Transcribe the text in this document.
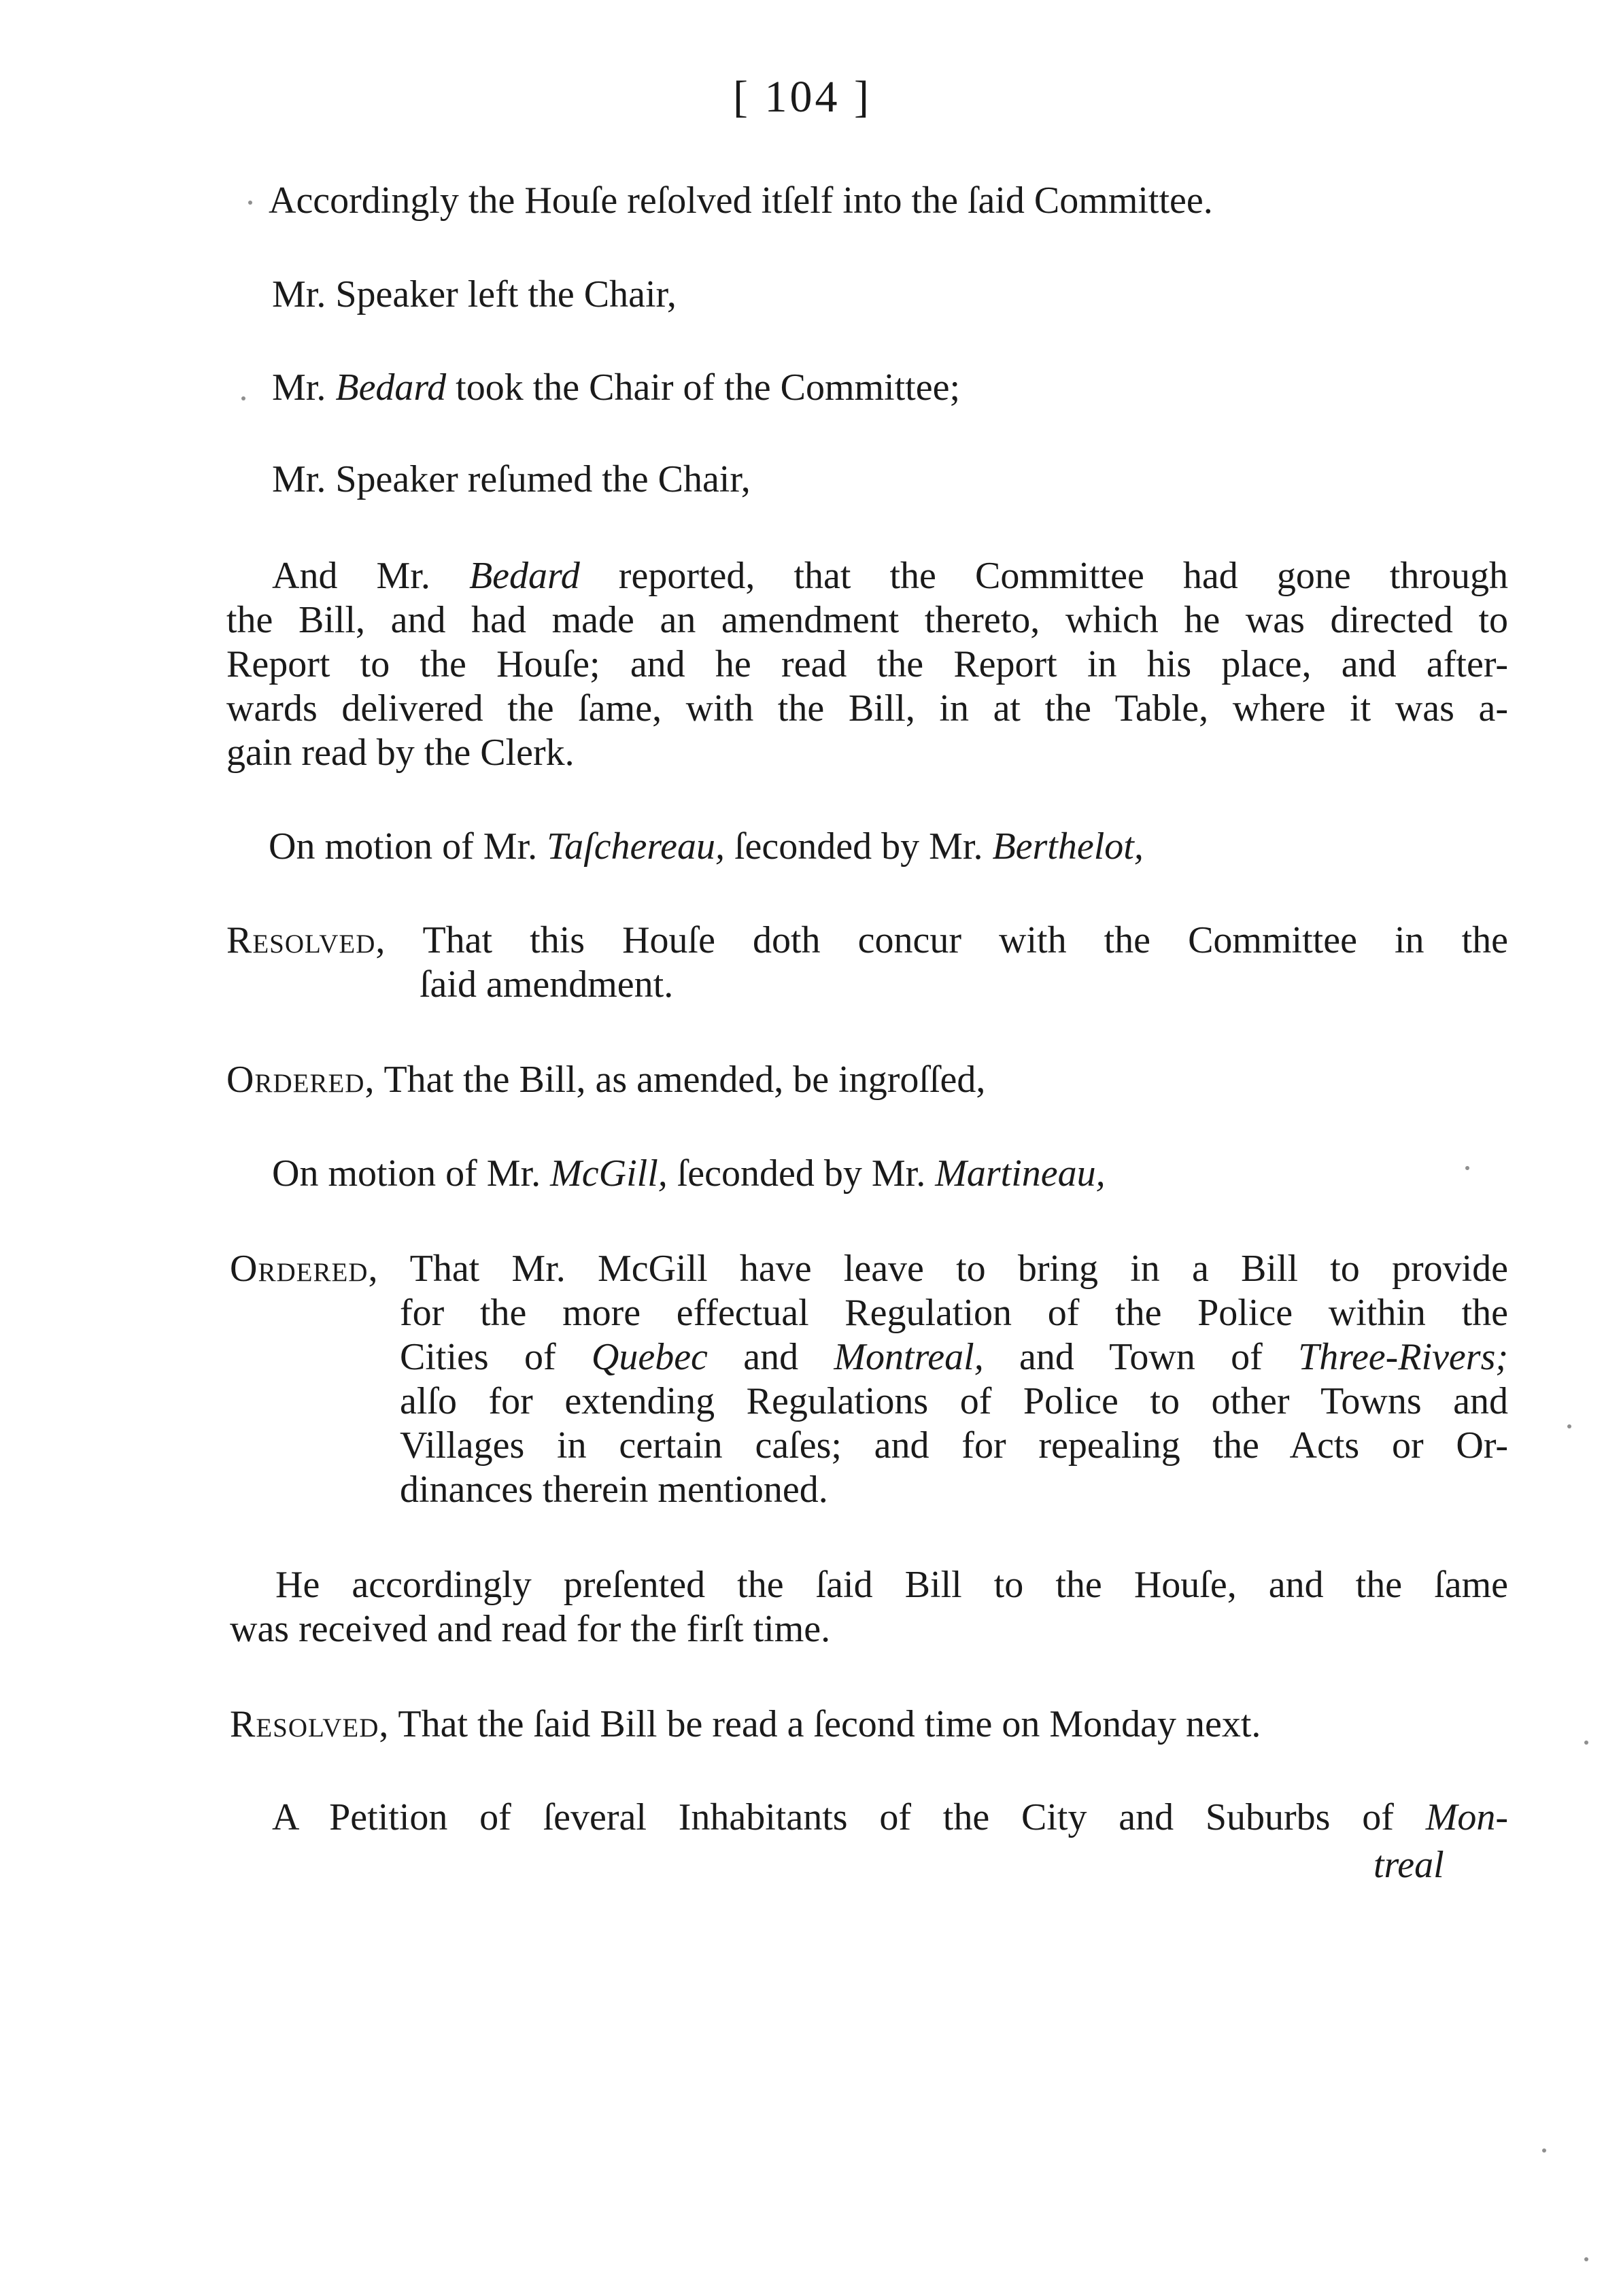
[ 104 ]
Accordingly the Houſe reſolved itſelf into the ſaid Committee.
Mr. Speaker left the Chair,
Mr. Bedard took the Chair of the Committee;
Mr. Speaker reſumed the Chair,
And Mr. Bedard reported, that the Committee had gone through
the Bill, and had made an amendment thereto, which he was directed to
Report to the Houſe; and he read the Report in his place, and after-
wards delivered the ſame, with the Bill, in at the Table, where it was a-
gain read by the Clerk.
On motion of Mr. Taſchereau, ſeconded by Mr. Berthelot,
Resolved, That this Houſe doth concur with the Committee in the
ſaid amendment.
Ordered, That the Bill, as amended, be ingroſſed,
On motion of Mr. McGill, ſeconded by Mr. Martineau,
Ordered, That Mr. McGill have leave to bring in a Bill to provide
for the more effectual Regulation of the Police within the
Cities of Quebec and Montreal, and Town of Three-Rivers;
alſo for extending Regulations of Police to other Towns and
Villages in certain caſes; and for repealing the Acts or Or-
dinances therein mentioned.
He accordingly preſented the ſaid Bill to the Houſe, and the ſame
was received and read for the firſt time.
Resolved, That the ſaid Bill be read a ſecond time on Monday next.
A Petition of ſeveral Inhabitants of the City and Suburbs of Mon-
treal
